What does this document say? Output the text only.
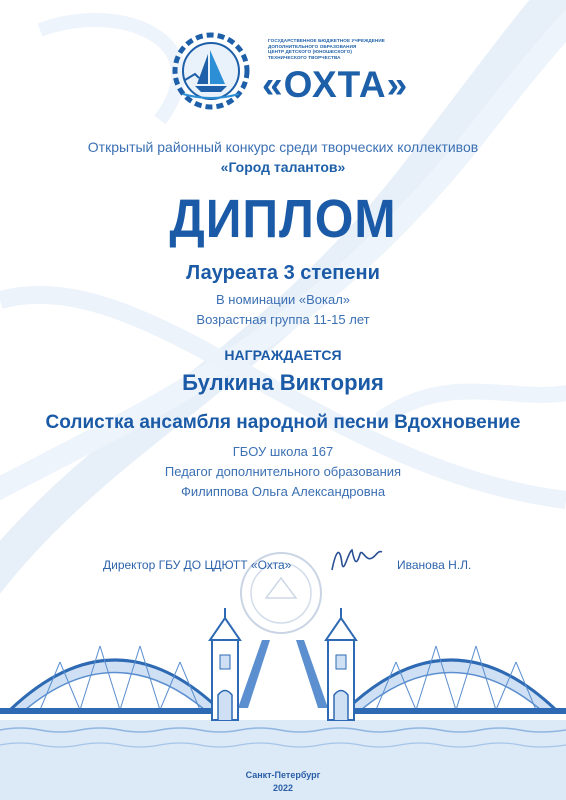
ГОСУДАРСТВЕННОЕ БЮДЖЕТНОЕ УЧРЕЖДЕНИЕ
ДОПОЛНИТЕЛЬНОГО ОБРАЗОВАНИЯ
ЦЕНТР ДЕТСКОГО (ЮНОШЕСКОГО)
ТЕХНИЧЕСКОГО ТВОРЧЕСТВА
«ОХТА»
Открытый районный конкурс среди творческих коллективов
«Город талантов»
ДИПЛОМ
Лауреата 3 степени
В номинации «Вокал»
Возрастная группа 11-15 лет
НАГРАЖДАЕТСЯ
Булкина Виктория
Солистка ансамбля народной песни Вдохновение
ГБОУ школа 167
Педагог дополнительного образования
Филиппова Ольга Александровна
Директор ГБУ ДО ЦДЮТТ «Охта»	Иванова Н.Л.
Санкт-Петербург
2022
